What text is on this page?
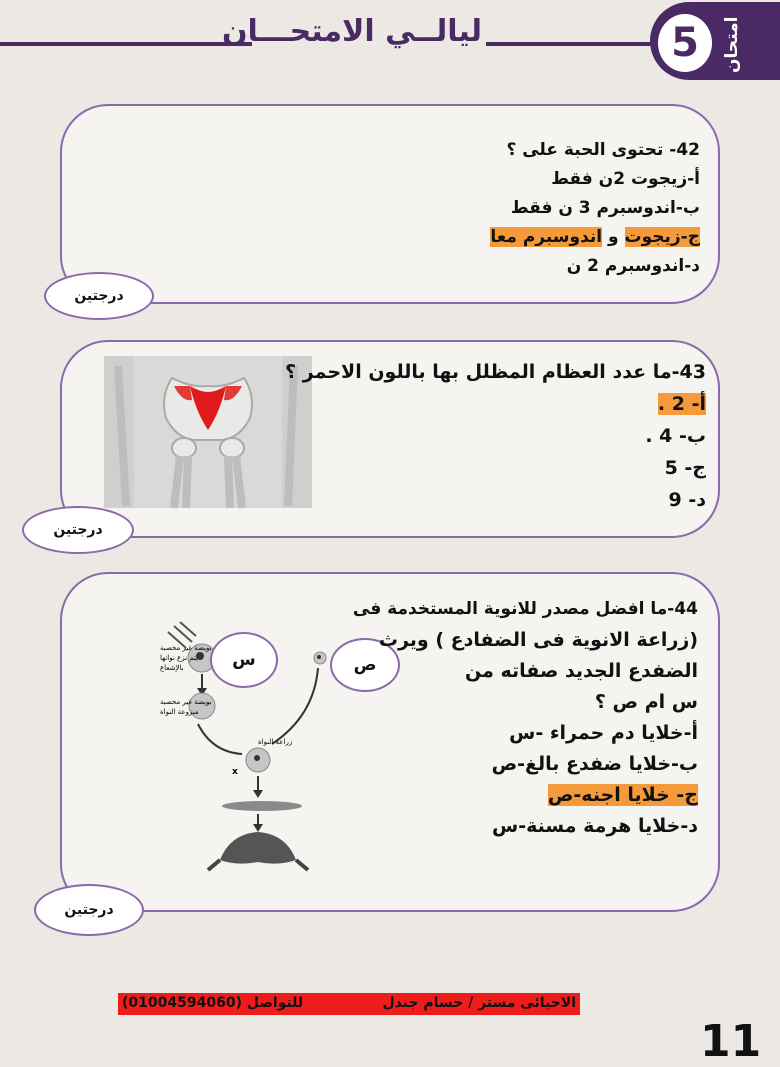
ليالــي الامتحـــان	5	امتحان
42- تحتوى الحبة على ؟
أ-زيجوت 2ن فقط
ب-اندوسبرم 3 ن فقط
ج-زيجوت و اندوسبرم معا
د-اندوسبرم 2 ن
درجتين
43-ما عدد العظام المظلل بها باللون الاحمر ؟
أ- 2 .
ب- 4 .
ج- 5
د- 9
درجتين
بويضة غير مخصبة
يتم نزع نواتها
بالإشعاع
بويضة غير مخصبة
منزوعة النواة
زراعة النواة
x
س	ص
44-ما افضل مصدر للانوية المستخدمة فى
(زراعة الانوية فى الضفادع ) ويرث
الضفدع الجديد صفاته من
س ام ص ؟
أ-خلايا دم حمراء -س
ب-خلايا ضفدع بالغ-ص
ج- خلايا اجنه-ص
د-خلايا هرمة مسنة-س
درجتين
الاحيائى مستر / حسام جندل
للتواصل (01004594060)
11
